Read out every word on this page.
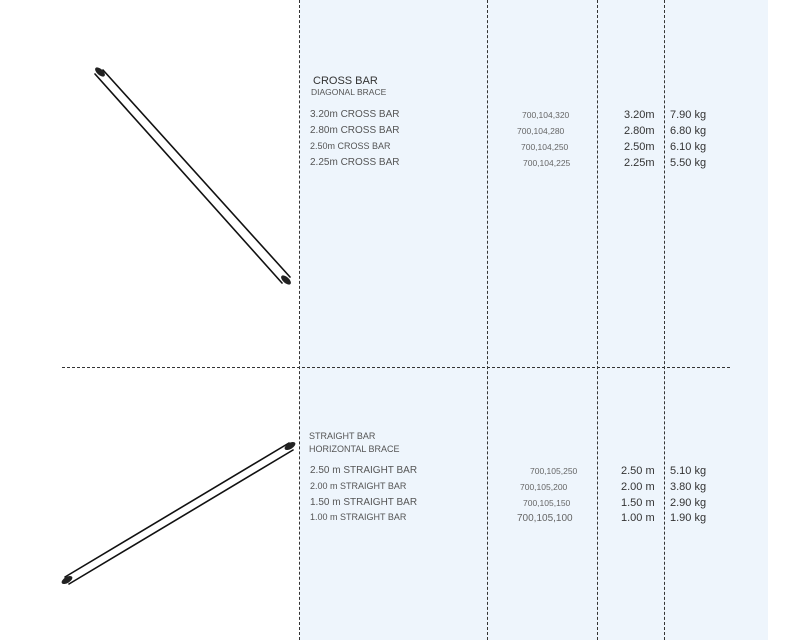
CROSS BAR
DIAGONAL BRACE
3.20m CROSS BAR	700,104,320	3.20m 7.90 kg
2.80m CROSS BAR	700,104,280	2.80m 6.80 kg
2.50m CROSS BAR	700,104,250	2.50m 6.10 kg
2.25m CROSS BAR	700,104,225	2.25m 5.50 kg
STRAIGHT BAR
HORIZONTAL BRACE
2.50 m STRAIGHT BAR	700,105,250	2.50 m 5.10 kg
2.00 m STRAIGHT BAR	700,105,200	2.00 m 3.80 kg
1.50 m STRAIGHT BAR	700,105,150	1.50 m 2.90 kg
1.00 m STRAIGHT BAR	700,105,100	1.00 m 1.90 kg
